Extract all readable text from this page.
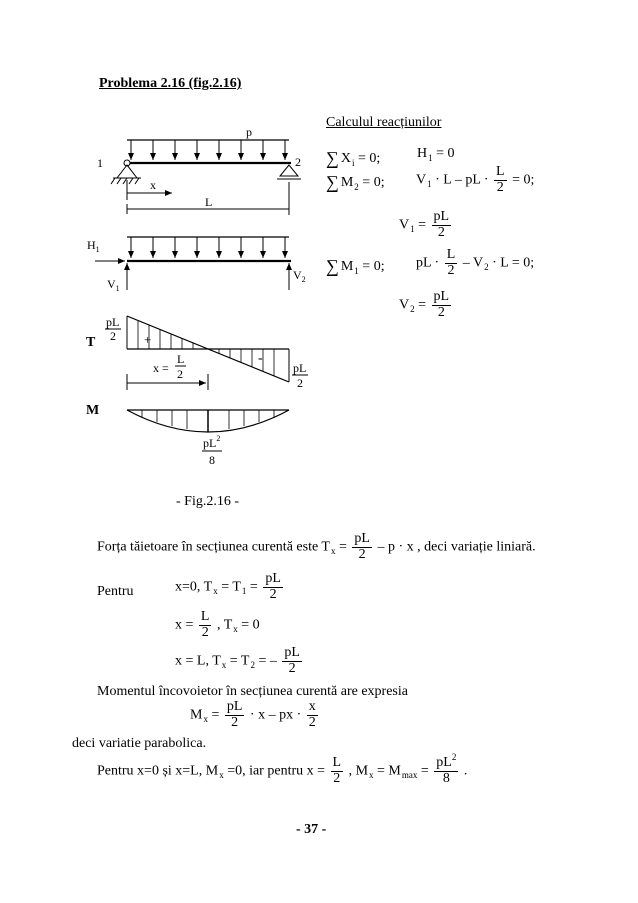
Problema 2.16 (fig.2.16)
Calculul reacțiunilor
∑ $X_i = 0$;	$H_1 = 0$
∑ $M_2 = 0$; $V_1 \cdot L$ – pL · $\frac{L}{2} = 0$;
$V_1 = \frac{pL}{2}$
∑ $M_1 = 0$; pL · $\frac{L}{2} - V_2 \cdot L = 0$;
$V_2 = \frac{pL}{2}$
p
1	2
x
L
$H_1$
$V_1$
$V_2$
T	+
-
pL
2
pL
2
x =
L
2
M
$pL^2$
8
- Fig.2.16 -
Forța tăietoare în secțiunea curentă este $T_x = \frac{pL}{2} - p \cdot x$ , deci variație liniară.
Pentru	x=0, $T_x = T_1 = \frac{pL}{2}$
$x = \frac{L}{2}$ , $T_x = 0$
x = L, $T_x = T_2$ = – $\frac{pL}{2}$
Momentul încovoietor în secțiunea curentă are expresia
$M_x = \frac{pL}{2} \cdot x$ – px · $\frac{x}{2}$
deci variatie parabolica.
Pentru x=0 și x=L, $M_x =0$, iar pentru $x = \frac{L}{2}$ , $M_x = M_{max} = \frac{pL^2}{8}$ .
- 37 -
